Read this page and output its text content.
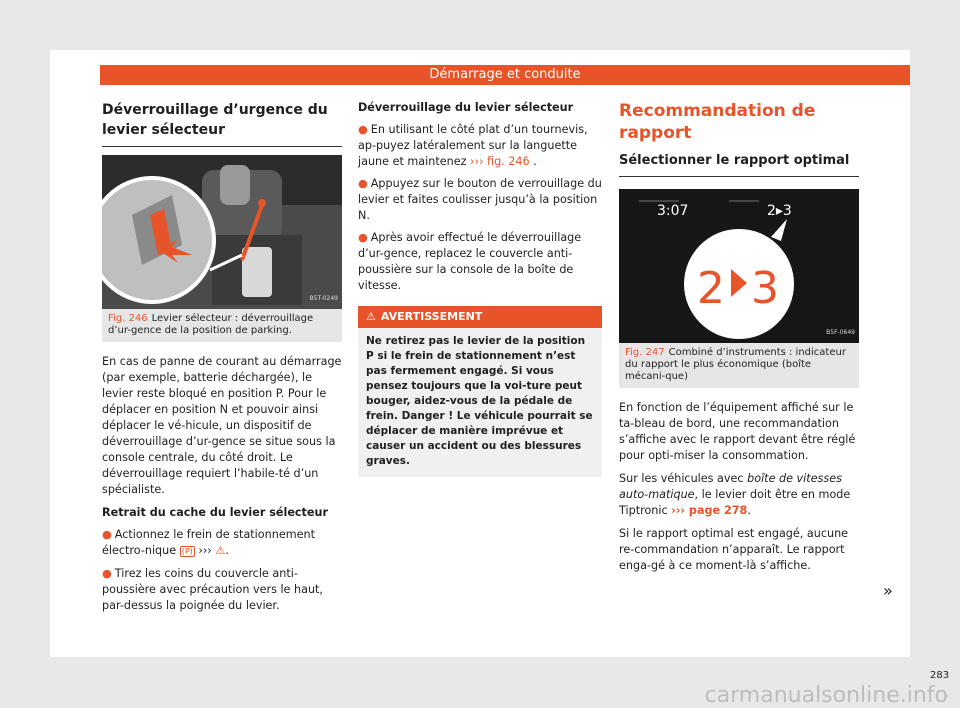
Démarrage et conduite
Déverrouillage d’urgence du levier sélecteur
B5T-0249
Fig. 246 Levier sélecteur : déverrouillage d’ur-gence de la position de parking.

En cas de panne de courant au démarrage (par exemple, batterie déchargée), le levier reste bloqué en position P. Pour le déplacer en position N et pouvoir ainsi déplacer le vé-hicule, un dispositif de déverrouillage d’ur-gence se situe sous la console centrale, du côté droit. Le déverrouillage requiert l’habile-té d’un spécialiste.

Retrait du cache du levier sélecteur

● Actionnez le frein de stationnement électro-nique (P) ››› ⚠.

● Tirez les coins du couvercle anti-poussière avec précaution vers le haut, par-dessus la poignée du levier.

Déverrouillage du levier sélecteur

● En utilisant le côté plat d’un tournevis, ap-puyez latéralement sur la languette jaune et maintenez ››› fig. 246 .

● Appuyez sur le bouton de verrouillage du levier et faites coulisser jusqu’à la position N.

● Après avoir effectué le déverrouillage d’ur-gence, replacez le couvercle anti-poussière sur la console de la boîte de vitesse.

⚠ AVERTISSEMENT
Ne retirez pas le levier de la position P si le frein de stationnement n’est pas fermement engagé. Si vous pensez toujours que la voi-ture peut bouger, aidez-vous de la pédale de frein. Danger ! Le véhicule pourrait se déplacer de manière imprévue et causer un accident ou des blessures graves.
Recommandation de rapport
Sélectionner le rapport optimal
3:07	2▸3
2 3
B5F-0649
Fig. 247 Combiné d’instruments : indicateur du rapport le plus économique (boîte mécani-que)

En fonction de l’équipement affiché sur le ta-bleau de bord, une recommandation s’affiche avec le rapport devant être réglé pour opti-miser la consommation.

Sur les véhicules avec boîte de vitesses auto-matique, le levier doit être en mode Tiptronic ››› page 278.

Si le rapport optimal est engagé, aucune re-commandation n’apparaît. Le rapport enga-gé à ce moment-là s’affiche.

»
283
carmanualsonline.info
